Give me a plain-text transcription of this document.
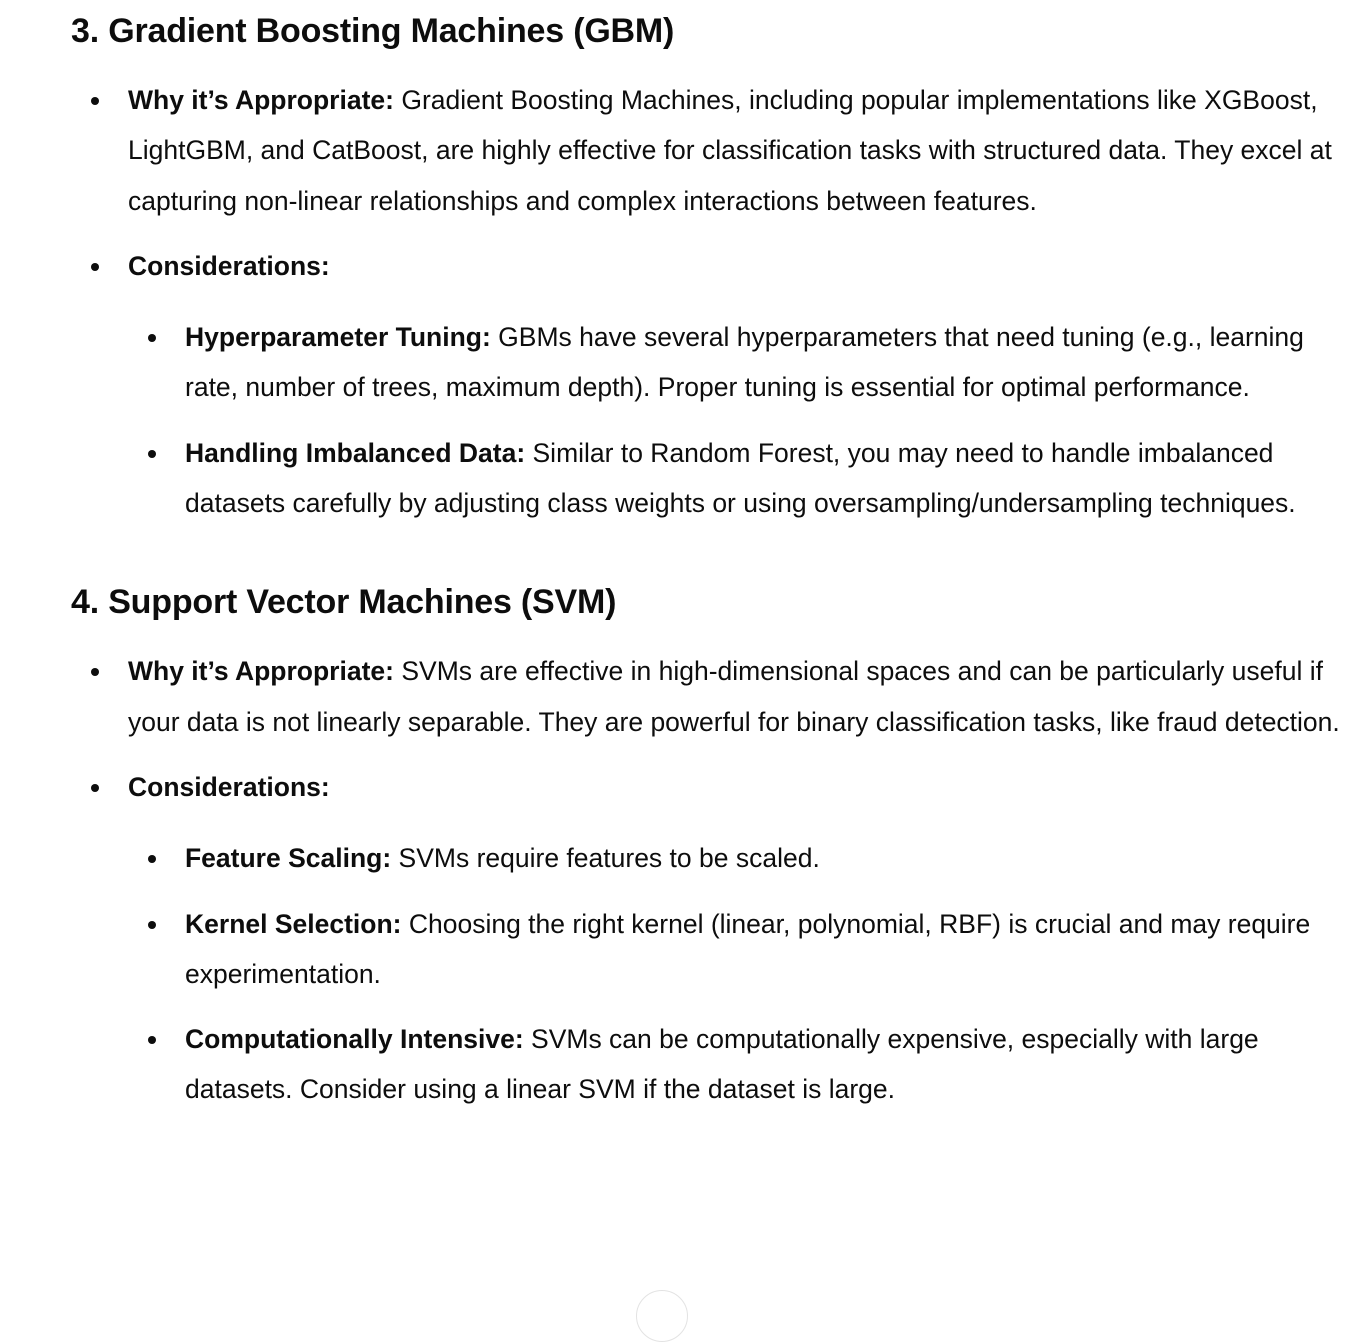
3. Gradient Boosting Machines (GBM)
Why it’s Appropriate: Gradient Boosting Machines, including popular implementations like XGBoost, LightGBM, and CatBoost, are highly effective for classification tasks with structured data. They excel at capturing non-linear relationships and complex interactions between features.
Considerations:
Hyperparameter Tuning: GBMs have several hyperparameters that need tuning (e.g., learning rate, number of trees, maximum depth). Proper tuning is essential for optimal performance.
Handling Imbalanced Data: Similar to Random Forest, you may need to handle imbalanced datasets carefully by adjusting class weights or using oversampling/undersampling techniques.
4. Support Vector Machines (SVM)
Why it’s Appropriate: SVMs are effective in high-dimensional spaces and can be particularly useful if your data is not linearly separable. They are powerful for binary classification tasks, like fraud detection.
Considerations:
Feature Scaling: SVMs require features to be scaled.
Kernel Selection: Choosing the right kernel (linear, polynomial, RBF) is crucial and may require experimentation.
Computationally Intensive: SVMs can be computationally expensive, especially with large datasets. Consider using a linear SVM if the dataset is large.
